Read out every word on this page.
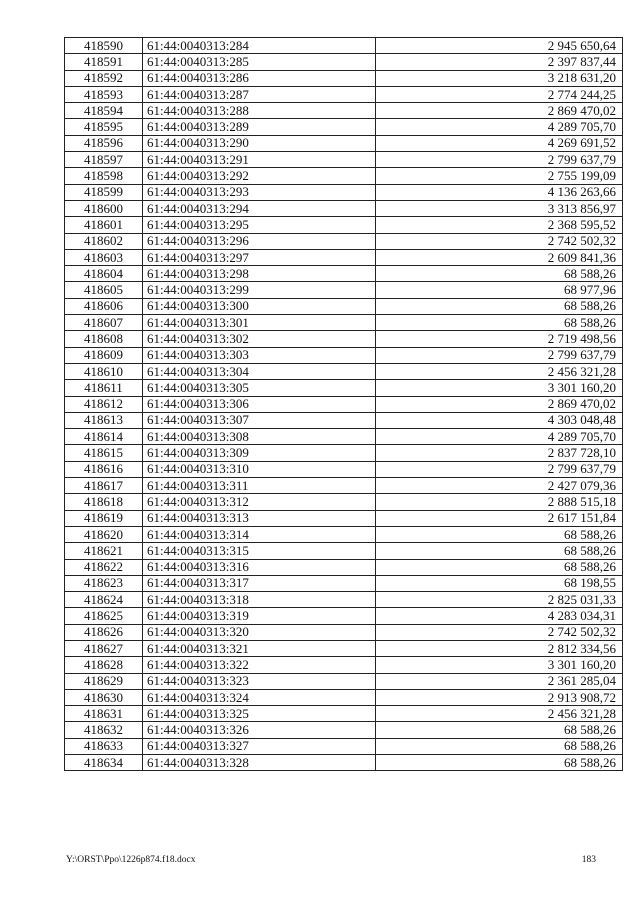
418590	61:44:0040313:284	2 945 650,64
418591	61:44:0040313:285	2 397 837,44
418592	61:44:0040313:286	3 218 631,20
418593	61:44:0040313:287	2 774 244,25
418594	61:44:0040313:288	2 869 470,02
418595	61:44:0040313:289	4 289 705,70
418596	61:44:0040313:290	4 269 691,52
418597	61:44:0040313:291	2 799 637,79
418598	61:44:0040313:292	2 755 199,09
418599	61:44:0040313:293	4 136 263,66
418600	61:44:0040313:294	3 313 856,97
418601	61:44:0040313:295	2 368 595,52
418602	61:44:0040313:296	2 742 502,32
418603	61:44:0040313:297	2 609 841,36
418604	61:44:0040313:298	68 588,26
418605	61:44:0040313:299	68 977,96
418606	61:44:0040313:300	68 588,26
418607	61:44:0040313:301	68 588,26
418608	61:44:0040313:302	2 719 498,56
418609	61:44:0040313:303	2 799 637,79
418610	61:44:0040313:304	2 456 321,28
418611	61:44:0040313:305	3 301 160,20
418612	61:44:0040313:306	2 869 470,02
418613	61:44:0040313:307	4 303 048,48
418614	61:44:0040313:308	4 289 705,70
418615	61:44:0040313:309	2 837 728,10
418616	61:44:0040313:310	2 799 637,79
418617	61:44:0040313:311	2 427 079,36
418618	61:44:0040313:312	2 888 515,18
418619	61:44:0040313:313	2 617 151,84
418620	61:44:0040313:314	68 588,26
418621	61:44:0040313:315	68 588,26
418622	61:44:0040313:316	68 588,26
418623	61:44:0040313:317	68 198,55
418624	61:44:0040313:318	2 825 031,33
418625	61:44:0040313:319	4 283 034,31
418626	61:44:0040313:320	2 742 502,32
418627	61:44:0040313:321	2 812 334,56
418628	61:44:0040313:322	3 301 160,20
418629	61:44:0040313:323	2 361 285,04
418630	61:44:0040313:324	2 913 908,72
418631	61:44:0040313:325	2 456 321,28
418632	61:44:0040313:326	68 588,26
418633	61:44:0040313:327	68 588,26
418634	61:44:0040313:328	68 588,26
Y:\ORST\Ppo\1226p874.f18.docx	183
